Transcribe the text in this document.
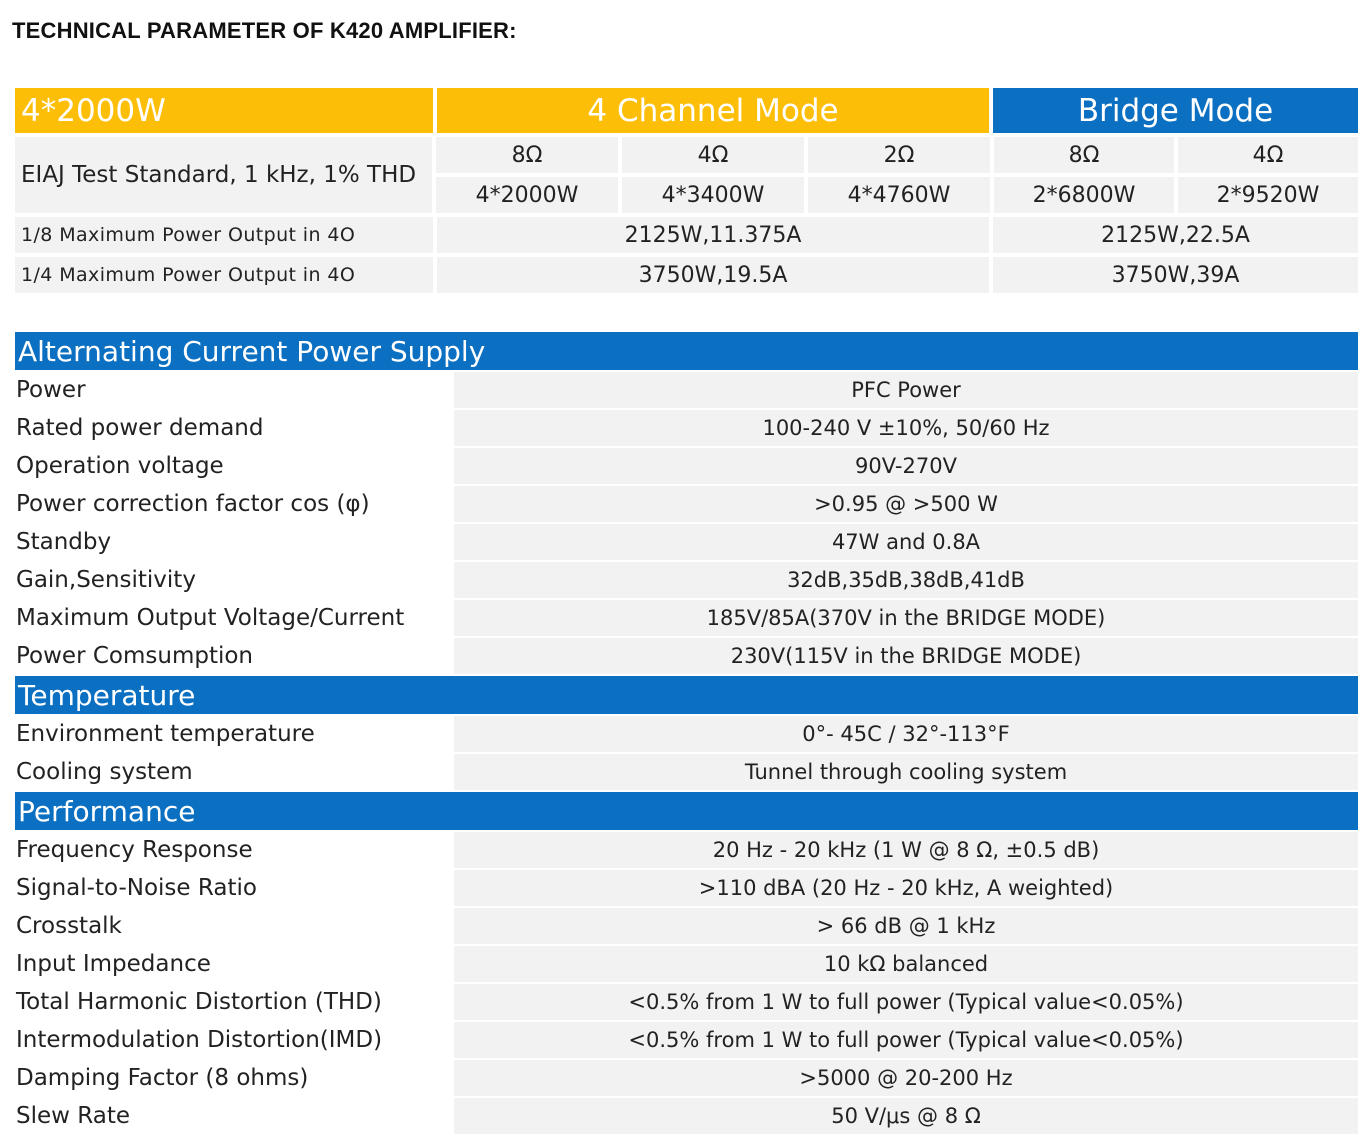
TECHNICAL PARAMETER OF K420 AMPLIFIER:
4*2000W	4 Channel Mode	Bridge Mode
EIAJ Test Standard, 1 kHz, 1% THD
8Ω	4Ω	2Ω	8Ω	4Ω
4*2000W	4*3400W	4*4760W	2*6800W	2*9520W
1/8 Maximum Power Output in 4O	2125W,11.375A	2125W,22.5A
1/4 Maximum Power Output in 4O	3750W,19.5A	3750W,39A
Alternating Current Power Supply
Power	PFC Power
Rated power demand	100-240 V ±10%, 50/60 Hz
Operation voltage	90V-270V
Power correction factor cos (φ)	>0.95 @ >500 W
Standby	47W and 0.8A
Gain,Sensitivity	32dB,35dB,38dB,41dB
Maximum Output Voltage/Current	185V/85A(370V in the BRIDGE MODE)
Power Comsumption	230V(115V in the BRIDGE MODE)
Temperature
Environment temperature	0°- 45C / 32°-113°F
Cooling system	Tunnel through cooling system
Performance
Frequency Response	20 Hz - 20 kHz (1 W @ 8 Ω, ±0.5 dB)
Signal-to-Noise Ratio	>110 dBA (20 Hz - 20 kHz, A weighted)
Crosstalk	> 66 dB @ 1 kHz
Input Impedance	10 kΩ balanced
Total Harmonic Distortion (THD)	<0.5% from 1 W to full power (Typical value<0.05%)
Intermodulation Distortion(IMD)	<0.5% from 1 W to full power (Typical value<0.05%)
Damping Factor (8 ohms)	>5000 @ 20-200 Hz
Slew Rate	50 V/μs @ 8 Ω
